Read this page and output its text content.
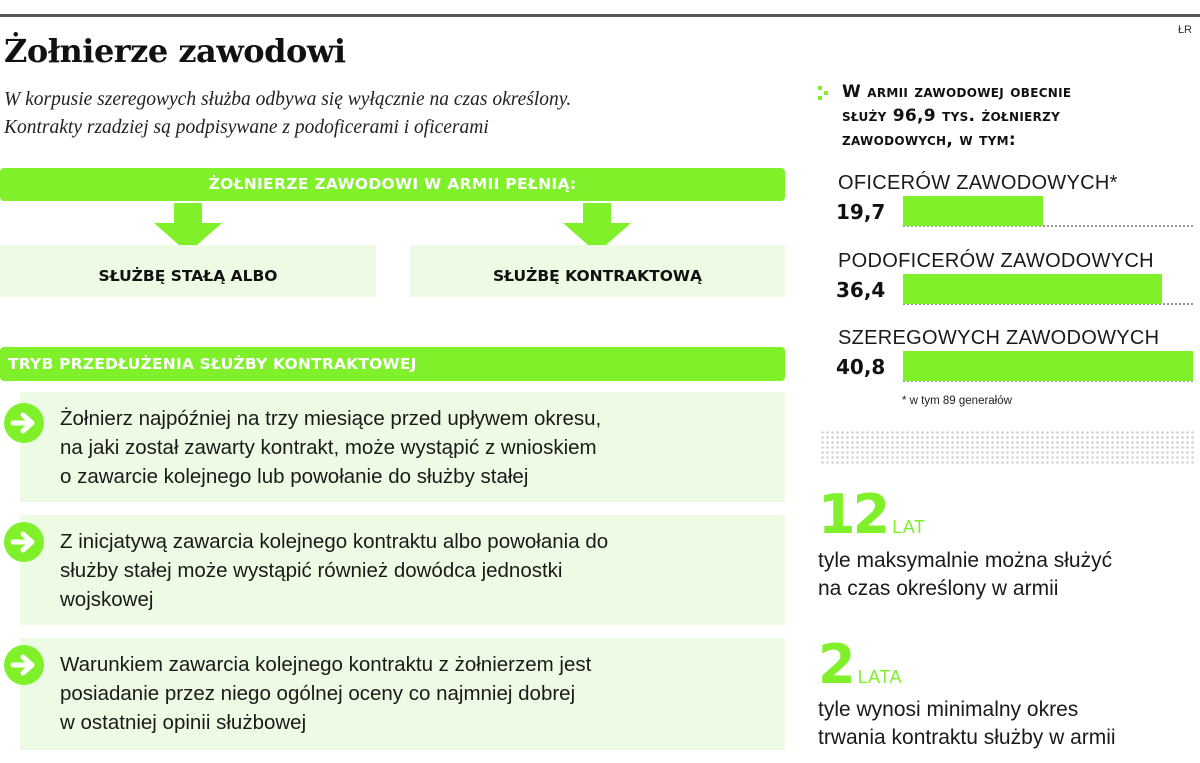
ŁR
Żołnierze zawodowi
W korpusie szeregowych służba odbywa się wyłącznie na czas określony.
Kontrakty rzadziej są podpisywane z podoficerami i oficerami
ŻOŁNIERZE ZAWODOWI W ARMII PEŁNIĄ:
SŁUŻBĘ STAŁĄ ALBO	SŁUŻBĘ KONTRAKTOWĄ
TRYB PRZEDŁUŻENIA SŁUŻBY KONTRAKTOWEJ
Żołnierz najpóźniej na trzy miesiące przed upływem okresu,
na jaki został zawarty kontrakt, może wystąpić z wnioskiem
o zawarcie kolejnego lub powołanie do służby stałej
Z inicjatywą zawarcia kolejnego kontraktu albo powołania do
służby stałej może wystąpić również dowódca jednostki
wojskowej
Warunkiem zawarcia kolejnego kontraktu z żołnierzem jest
posiadanie przez niego ogólnej oceny co najmniej dobrej
w ostatniej opinii służbowej
W armii zawodowej obecnie
służy 96,9 tys. żołnierzy
zawodowych, w tym:
OFICERÓW ZAWODOWYCH*
19,7
PODOFICERÓW ZAWODOWYCH
36,4
SZEREGOWYCH ZAWODOWYCH
40,8
* w tym 89 generałów
12 LAT
tyle maksymalnie można służyć
na czas określony w armii
2 LATA
tyle wynosi minimalny okres
trwania kontraktu służby w armii
